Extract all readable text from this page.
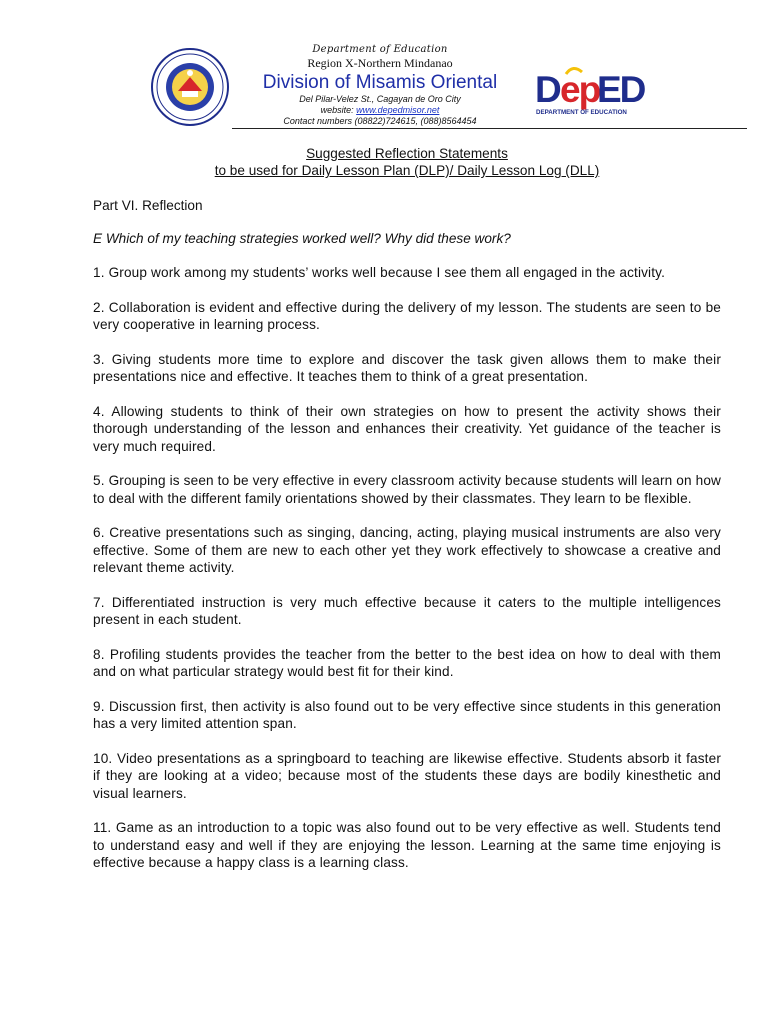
Department of Education
Region X-Northern Mindanao
Division of Misamis Oriental
Del Pilar-Velez St., Cagayan de Oro City
website: www.depedmisor.net
Contact numbers (08822)724615, (088)8564454
D ep
ED
DEPARTMENT OF EDUCATION
Suggested Reflection Statements
to be used for Daily Lesson Plan (DLP)/ Daily Lesson Log (DLL)
Part VI. Reflection
E Which of my teaching strategies worked well? Why did these work?
1. Group work among my students’ works well because I see them all engaged in the activity.
2. Collaboration is evident and effective during the delivery of my lesson. The students are seen to be very cooperative in learning process.
3. Giving students more time to explore and discover the task given allows them to make their presentations nice and effective. It teaches them to think of a great presentation.
4. Allowing students to think of their own strategies on how to present the activity shows their thorough understanding of the lesson and enhances their creativity. Yet guidance of the teacher is very much required.
5. Grouping is seen to be very effective in every classroom activity because students will learn on how to deal with the different family orientations showed by their classmates. They learn to be flexible.
6. Creative presentations such as singing, dancing, acting, playing musical instruments are also very effective. Some of them are new to each other yet they work effectively to showcase a creative and relevant theme activity.
7. Differentiated instruction is very much effective because it caters to the multiple intelligences present in each student.
8. Profiling students provides the teacher from the better to the best idea on how to deal with them and on what particular strategy would best fit for their kind.
9. Discussion first, then activity is also found out to be very effective since students in this generation has a very limited attention span.
10. Video presentations as a springboard to teaching are likewise effective. Students absorb it faster if they are looking at a video; because most of the students these days are bodily kinesthetic and visual learners.
11. Game as an introduction to a topic was also found out to be very effective as well. Students tend to understand easy and well if they are enjoying the lesson. Learning at the same time enjoying is effective because a happy class is a learning class.
